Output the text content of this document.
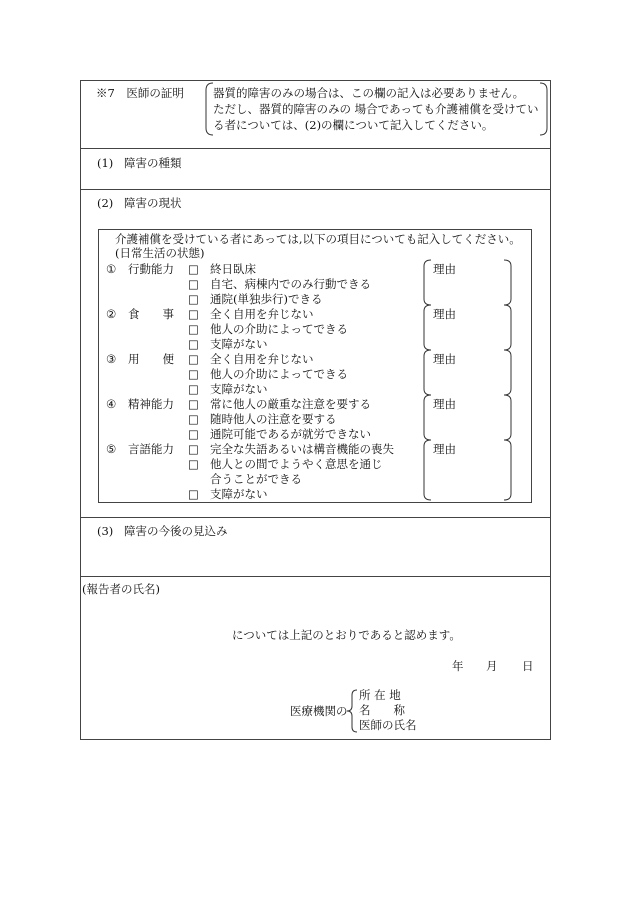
※7　医師の証明	器質的障害のみの場合は、この欄の記入は必要ありません。
ただし、器質的障害のみの 場合であっても介護補償を受けてい
る者については、(2)の欄について記入してください。
(1) 障害の種類
(2) 障害の現状
介護補償を受けている者にあっては,以下の項目についても記入してください。
(日常生活の状態)
① 行動能力 □ 終日臥床
□ 自宅、病棟内でのみ行動できる
□ 通院(単独歩行)できる
理由
② 食　　事 □ 全く自用を弁じない
□ 他人の介助によってできる
□ 支障がない
理由
③ 用　　便 □ 全く自用を弁じない
□ 他人の介助によってできる
□ 支障がない
理由
④ 精神能力 □ 常に他人の厳重な注意を要する
□ 随時他人の注意を要する
□ 通院可能であるが就労できない
理由
⑤ 言語能力 □ 完全な失語あるいは構音機能の喪失
□ 他人との間でようやく意思を通じ
合うことができる
□ 支障がない
理由
(3) 障害の今後の見込み
(報告者の氏名)
については上記のとおりであると認めます。
年 月 日
医療機関の
所 在 地
名　　称
医師の氏名
